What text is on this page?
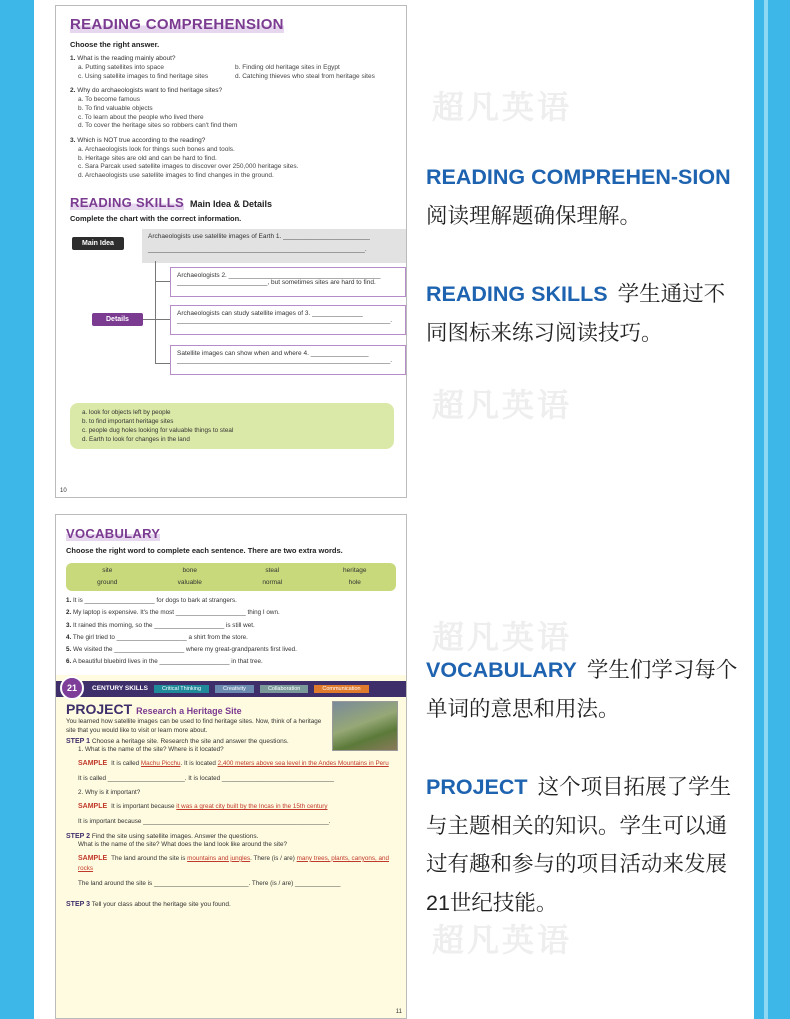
超凡英语
超凡英语
超凡英语
超凡英语
READING COMPREHENSION
Choose the right answer.
1. What is the reading mainly about?
a. Putting satellites into space	b. Finding old heritage sites in Egypt
c. Using satellite images to find heritage sites	d. Catching thieves who steal from heritage sites
2. Why do archaeologists want to find heritage sites?
a. To become famous
b. To find valuable objects
c. To learn about the people who lived there
d. To cover the heritage sites so robbers can't find them
3. Which is NOT true according to the reading?
a. Archaeologists look for things such bones and tools.
b. Heritage sites are old and can be hard to find.
c. Sara Parcak used satellite images to discover over 250,000 heritage sites.
d. Archaeologists use satellite images to find changes in the ground.
READING SKILLS Main Idea & Details
Complete the chart with the correct information.
Main Idea
Archaeologists use satellite images of Earth 1. ________________________
____________________________________________________________.
Details
Archaeologists 2. __________________________________________
_________________________, but sometimes sites are hard to find.
Archaeologists can study satellite images of 3. ______________
___________________________________________________________.
Satellite images can show when and where 4. ________________
___________________________________________________________.
a. look for objects left by people
b. to find important heritage sites
c. people dug holes looking for valuable things to steal
d. Earth to look for changes in the land
10
VOCABULARY
Choose the right word to complete each sentence. There are two extra words.
site	bone	steal	heritage
ground	valuable	normal	hole
1. It is ____________________ for dogs to bark at strangers.
2. My laptop is expensive. It's the most ____________________ thing I own.
3. It rained this morning, so the ____________________ is still wet.
4. The girl tried to ____________________ a shirt from the store.
5. We visited the ____________________ where my great-grandparents first lived.
6. A beautiful bluebird lives in the ____________________ in that tree.
21	CENTURY SKILLS	Critical Thinking	Creativity	Collaboration	Communication
PROJECT Research a Heritage Site
You learned how satellite images can be used to find heritage sites. Now, think of a heritage site that you would like to visit or learn more about.
STEP 1 Choose a heritage site. Research the site and answer the questions.
1. What is the name of the site? Where is it located?
SAMPLE It is called Machu Picchu. It is located 2,400 meters above sea level in the Andes Mountains in Peru
It is called ______________________. It is located ________________________________
2. Why is it important?
SAMPLE It is important because it was a great city built by the Incas in the 15th century
It is important because _____________________________________________________.
STEP 2 Find the site using satellite images. Answer the questions.
What is the name of the site? What does the land look like around the site?
SAMPLE The land around the site is mountains and jungles. There (is / are) many trees, plants, canyons, and rocks
The land around the site is ___________________________. There (is / are) _____________
STEP 3 Tell your class about the heritage site you found.
11
READING COMPREHEN-SION阅读理解题确保理解。
READING SKILLS 学生通过不同图标来练习阅读技巧。
VOCABULARY 学生们学习每个单词的意思和用法。
PROJECT 这个项目拓展了学生与主题相关的知识。学生可以通过有趣和参与的项目活动来发展21世纪技能。
